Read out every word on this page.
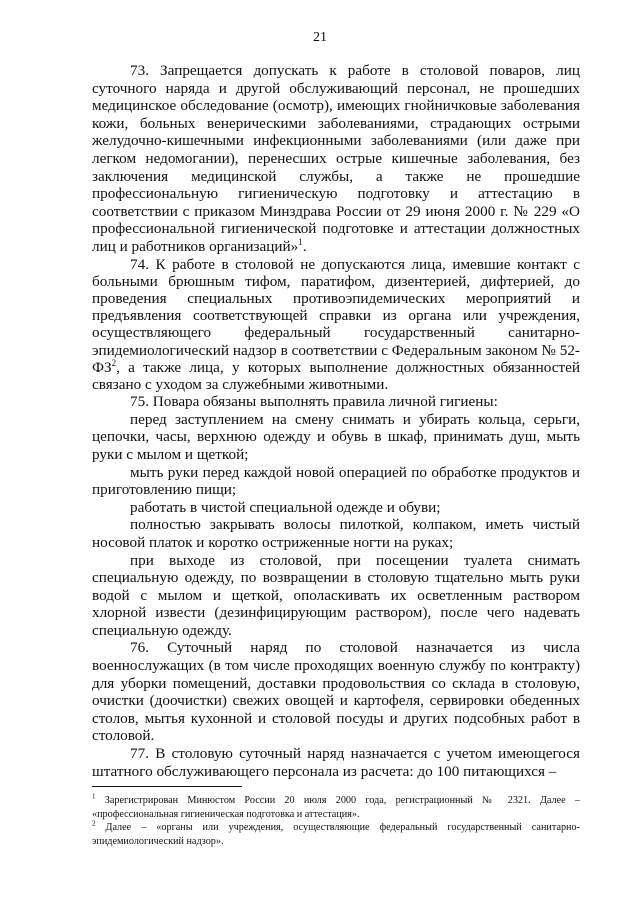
21

73. Запрещается допускать к работе в столовой поваров, лиц суточного наряда и другой обслуживающий персонал, не прошедших медицинское обследование (осмотр), имеющих гнойничковые заболевания кожи, больных венерическими заболеваниями, страдающих острыми желудочно-кишечными инфекционными заболеваниями (или даже при легком недомогании), перенесших острые кишечные заболевания, без заключения медицинской службы, а также не прошедшие профессиональную гигиеническую подготовку и аттестацию в соответствии с приказом Минздрава России от 29 июня 2000 г. № 229 «О профессиональной гигиенической подготовке и аттестации должностных лиц и работников организаций»$^1$.

74. К работе в столовой не допускаются лица, имевшие контакт с больными брюшным тифом, паратифом, дизентерией, дифтерией, до проведения специальных противоэпидемических мероприятий и предъявления соответствующей справки из органа или учреждения, осуществляющего федеральный государственный санитарно-эпидемиологический надзор в соответствии с Федеральным законом № $52-ФЗ^2$, а также лица, у которых выполнение должностных обязанностей связано с уходом за служебными животными.

75. Повара обязаны выполнять правила личной гигиены:

перед заступлением на смену снимать и убирать кольца, серьги, цепочки, часы, верхнюю одежду и обувь в шкаф, принимать душ, мыть руки с мылом и щеткой;

мыть руки перед каждой новой операцией по обработке продуктов и приготовлению пищи;

работать в чистой специальной одежде и обуви;

полностью закрывать волосы пилоткой, колпаком, иметь чистый носовой платок и коротко остриженные ногти на руках;

при выходе из столовой, при посещении туалета снимать специальную одежду, по возвращении в столовую тщательно мыть руки водой с мылом и щеткой, ополаскивать их осветленным раствором хлорной извести (дезинфицирующим раствором), после чего надевать специальную одежду.

76. Суточный наряд по столовой назначается из числа военнослужащих (в том числе проходящих военную службу по контракту) для уборки помещений, доставки продовольствия со склада в столовую, очистки (доочистки) свежих овощей и картофеля, сервировки обеденных столов, мытья кухонной и столовой посуды и других подсобных работ в столовой.

77. В столовую суточный наряд назначается с учетом имеющегося штатного обслуживающего персонала из расчета: до 100 питающихся –

$^1$ Зарегистрирован Минюстом России 20 июля 2000 года, регистрационный № 2321. Далее – «профессиональная гигиеническая подготовка и аттестация».

$^2$ Далее – «органы или учреждения, осуществляющие федеральный государственный санитарно-эпидемиологический надзор».
